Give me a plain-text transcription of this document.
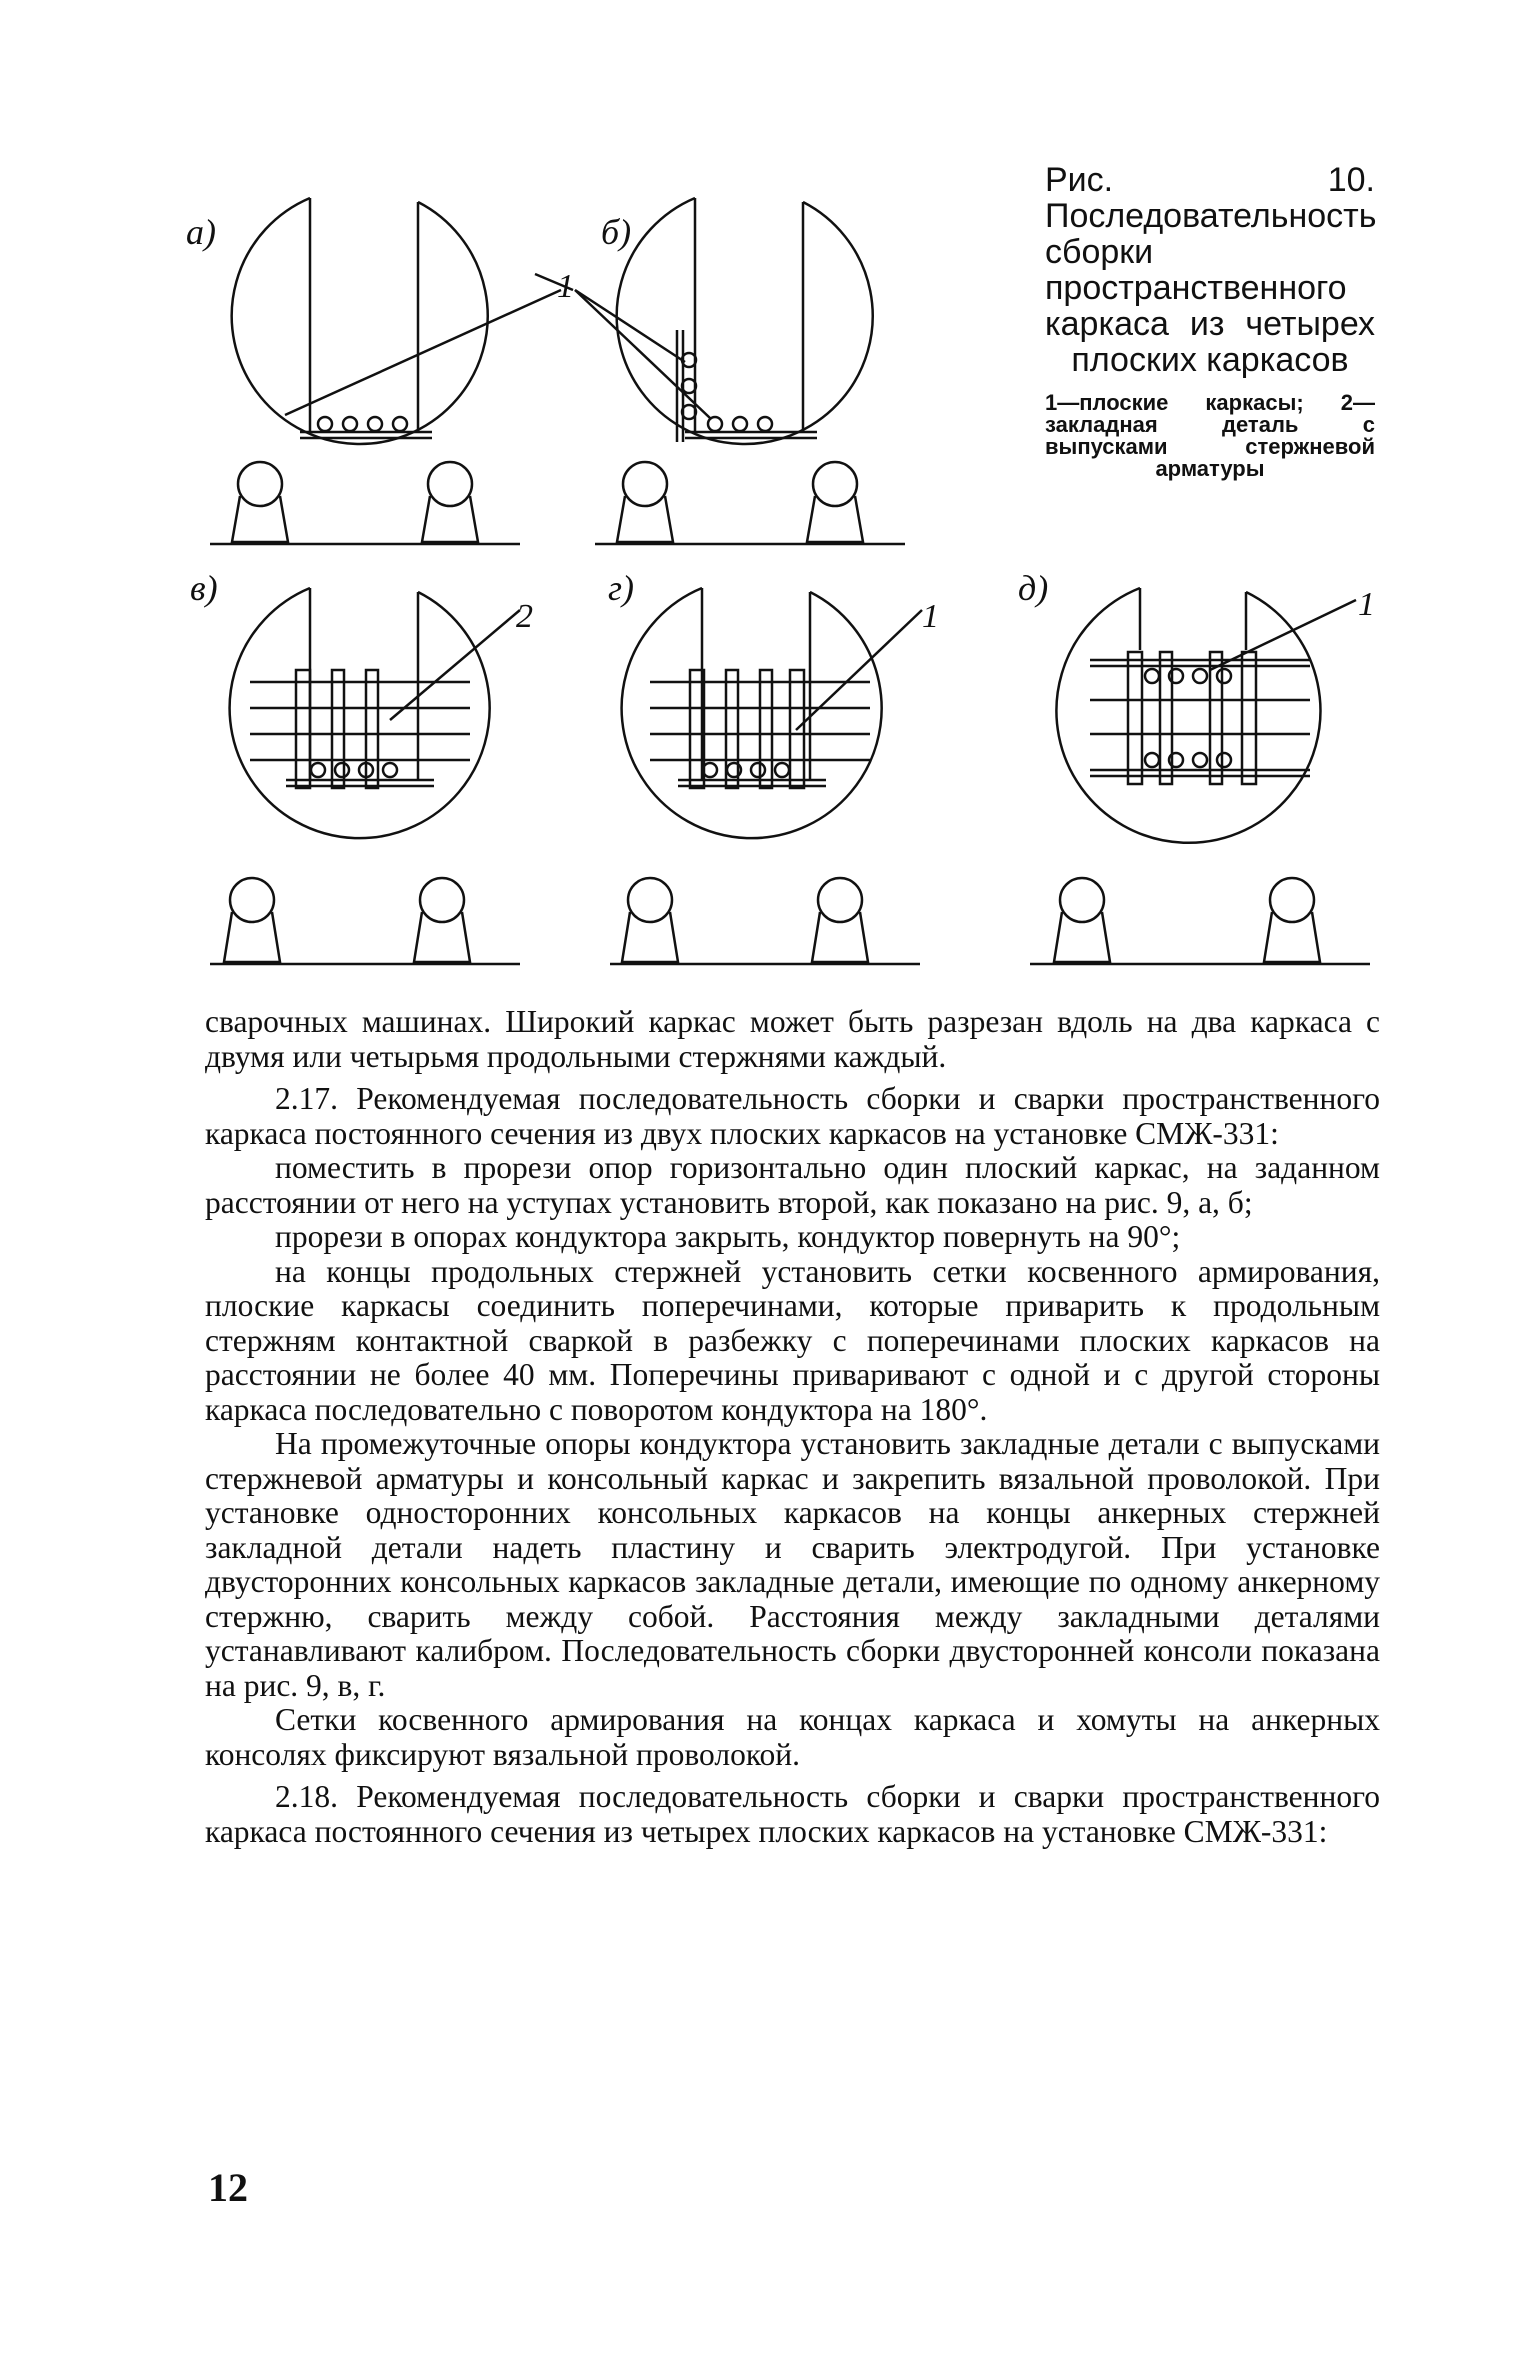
а)	б)
1
в)
2
г)
1
д)	1

Рис. 10. Последовательность сборки пространственного каркаса из четырех плоских каркасов

1—плоские каркасы; 2—закладная деталь с выпусками стержневой арматуры

сварочных машинах. Широкий каркас может быть разрезан вдоль на два каркаса с двумя или четырьмя продольными стержнями каждый.

2.17. Рекомендуемая последовательность сборки и сварки пространственного каркаса постоянного сечения из двух плоских каркасов на установке СМЖ-331:

поместить в прорези опор горизонтально один плоский каркас, на заданном расстоянии от него на уступах установить второй, как показано на рис. 9, а, б;

прорези в опорах кондуктора закрыть, кондуктор повернуть на 90°;

на концы продольных стержней установить сетки косвенного армирования, плоские каркасы соединить поперечинами, которые приварить к продольным стержням контактной сваркой в разбежку с поперечинами плоских каркасов на расстоянии не более 40 мм. Поперечины приваривают с одной и с другой стороны каркаса последовательно с поворотом кондуктора на 180°.

На промежуточные опоры кондуктора установить закладные детали с выпусками стержневой арматуры и консольный каркас и закрепить вязальной проволокой. При установке односторонних консольных каркасов на концы анкерных стержней закладной детали надеть пластину и сварить электродугой. При установке двусторонних консольных каркасов закладные детали, имеющие по одному анкерному стержню, сварить между собой. Расстояния между закладными деталями устанавливают калибром. Последовательность сборки двусторонней консоли показана на рис. 9, в, г.

Сетки косвенного армирования на концах каркаса и хомуты на анкерных консолях фиксируют вязальной проволокой.

2.18. Рекомендуемая последовательность сборки и сварки пространственного каркаса постоянного сечения из четырех плоских каркасов на установке СМЖ-331:

12
